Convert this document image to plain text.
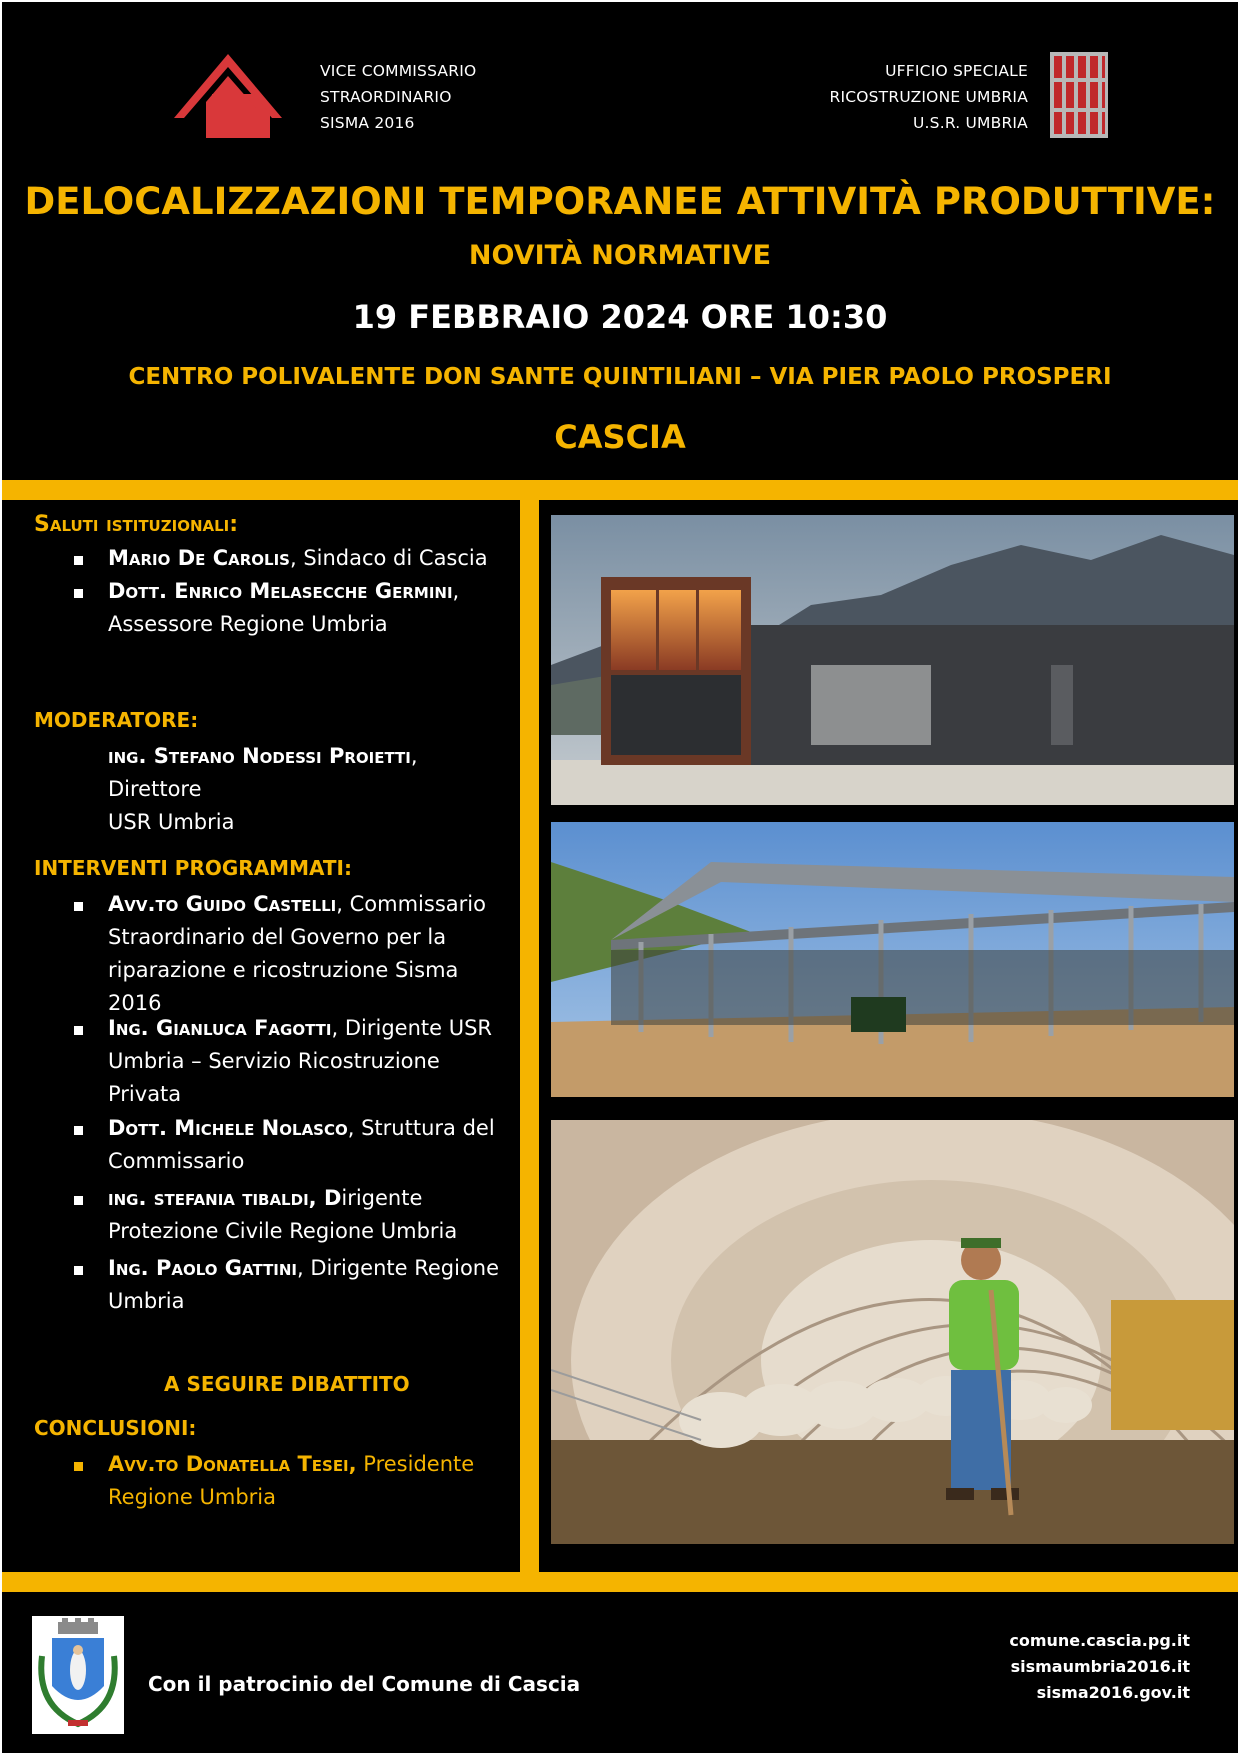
VICE COMMISSARIO
STRAORDINARIO
SISMA 2016
UFFICIO SPECIALE
RICOSTRUZIONE UMBRIA
U.S.R. UMBRIA
DELOCALIZZAZIONI TEMPORANEE ATTIVITÀ PRODUTTIVE:
NOVITÀ NORMATIVE
19 FEBBRAIO 2024 ORE 10:30
CENTRO POLIVALENTE DON SANTE QUINTILIANI – VIA PIER PAOLO PROSPERI
CASCIA
Saluti istituzionali:
Mario De Carolis, Sindaco di Cascia
Dott. Enrico Melasecche Germini,
Assessore Regione Umbria
MODERATORE:
ing. Stefano Nodessi Proietti, Direttore
USR Umbria
INTERVENTI PROGRAMMATI:
Avv.to Guido Castelli, Commissario
Straordinario del Governo per la
riparazione e ricostruzione Sisma
2016
Ing. Gianluca Fagotti, Dirigente USR
Umbria – Servizio Ricostruzione
Privata
Dott. Michele Nolasco, Struttura del
Commissario
ing. stefania tibaldi, Dirigente
Protezione Civile Regione Umbria
Ing. Paolo Gattini, Dirigente Regione
Umbria
A SEGUIRE DIBATTITO
CONCLUSIONI:
Avv.to Donatella Tesei, Presidente
Regione Umbria
Con il patrocinio del Comune di Cascia
comune.cascia.pg.it
sismaumbria2016.it
sisma2016.gov.it
